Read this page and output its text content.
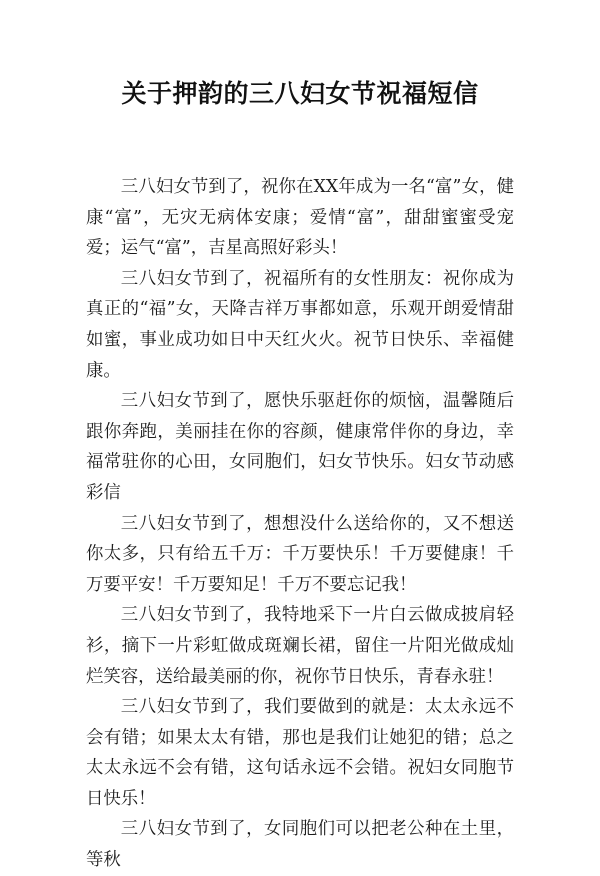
关于押韵的三八妇女节祝福短信

三八妇女节到了，祝你在XX年成为一名“富”女，健康“富”，无灾无病体安康；爱情“富”，甜甜蜜蜜受宠爱；运气“富”，吉星高照好彩头！

三八妇女节到了，祝福所有的女性朋友：祝你成为真正的“福”女，天降吉祥万事都如意，乐观开朗爱情甜如蜜，事业成功如日中天红火火。祝节日快乐、幸福健康。

三八妇女节到了，愿快乐驱赶你的烦恼，温馨随后跟你奔跑，美丽挂在你的容颜，健康常伴你的身边，幸福常驻你的心田，女同胞们，妇女节快乐。妇女节动感彩信

三八妇女节到了，想想没什么送给你的，又不想送你太多，只有给五千万：千万要快乐！千万要健康！千万要平安！千万要知足！千万不要忘记我！

三八妇女节到了，我特地采下一片白云做成披肩轻衫，摘下一片彩虹做成斑斓长裙，留住一片阳光做成灿烂笑容，送给最美丽的你，祝你节日快乐，青春永驻！

三八妇女节到了，我们要做到的就是：太太永远不会有错；如果太太有错，那也是我们让她犯的错；总之太太永远不会有错，这句话永远不会错。祝妇女同胞节日快乐！

三八妇女节到了，女同胞们可以把老公种在土里，等秋
